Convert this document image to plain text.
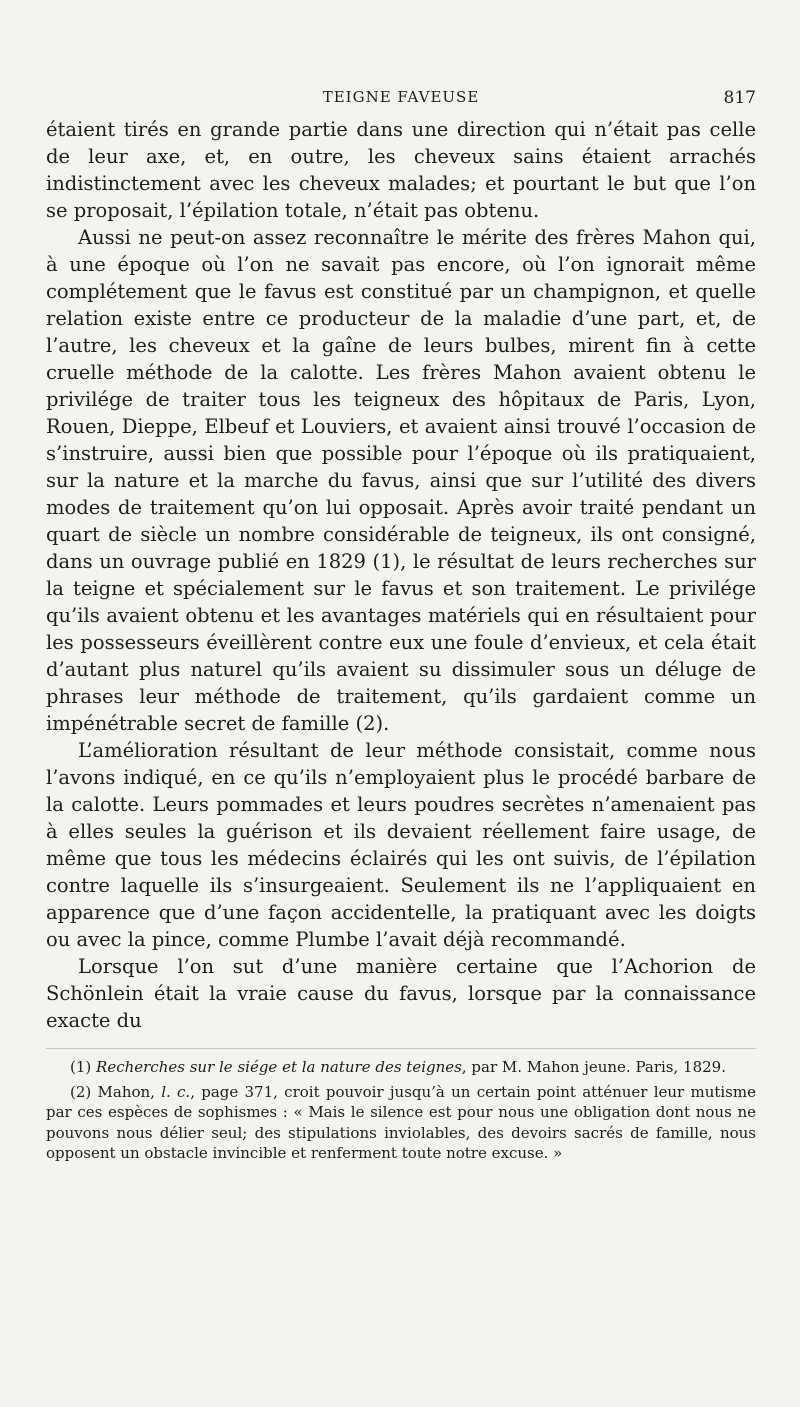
TEIGNE FAVEUSE	817

étaient tirés en grande partie dans une direction qui n’était pas celle de leur axe, et, en outre, les cheveux sains étaient arrachés indistinctement avec les cheveux malades; et pourtant le but que l’on se proposait, l’épilation totale, n’était pas obtenu.

Aussi ne peut-on assez reconnaître le mérite des frères Mahon qui, à une époque où l’on ne savait pas encore, où l’on ignorait même complétement que le favus est constitué par un champignon, et quelle relation existe entre ce producteur de la maladie d’une part, et, de l’autre, les cheveux et la gaîne de leurs bulbes, mirent fin à cette cruelle méthode de la calotte. Les frères Mahon avaient obtenu le privilége de traiter tous les teigneux des hôpitaux de Paris, Lyon, Rouen, Dieppe, Elbeuf et Louviers, et avaient ainsi trouvé l’occasion de s’instruire, aussi bien que possible pour l’époque où ils pratiquaient, sur la nature et la marche du favus, ainsi que sur l’utilité des divers modes de traitement qu’on lui opposait. Après avoir traité pendant un quart de siècle un nombre considérable de teigneux, ils ont consigné, dans un ouvrage publié en 1829 (1), le résultat de leurs recherches sur la teigne et spécialement sur le favus et son traitement. Le privilége qu’ils avaient obtenu et les avantages matériels qui en résultaient pour les possesseurs éveillèrent contre eux une foule d’envieux, et cela était d’autant plus naturel qu’ils avaient su dissimuler sous un déluge de phrases leur méthode de traitement, qu’ils gardaient comme un impénétrable secret de famille (2).

L’amélioration résultant de leur méthode consistait, comme nous l’avons indiqué, en ce qu’ils n’employaient plus le procédé barbare de la calotte. Leurs pommades et leurs poudres secrètes n’amenaient pas à elles seules la guérison et ils devaient réellement faire usage, de même que tous les médecins éclairés qui les ont suivis, de l’épilation contre laquelle ils s’insurgeaient. Seulement ils ne l’appliquaient en apparence que d’une façon accidentelle, la pratiquant avec les doigts ou avec la pince, comme Plumbe l’avait déjà recommandé.

Lorsque l’on sut d’une manière certaine que l’Achorion de Schönlein était la vraie cause du favus, lorsque par la connaissance exacte du

(1) Recherches sur le siége et la nature des teignes, par M. Mahon jeune. Paris, 1829.

(2) Mahon, l. c., page 371, croit pouvoir jusqu’à un certain point atténuer leur mutisme par ces espèces de sophismes : « Mais le silence est pour nous une obligation dont nous ne pouvons nous délier seul; des stipulations inviolables, des devoirs sacrés de famille, nous opposent un obstacle invincible et renferment toute notre excuse. »
